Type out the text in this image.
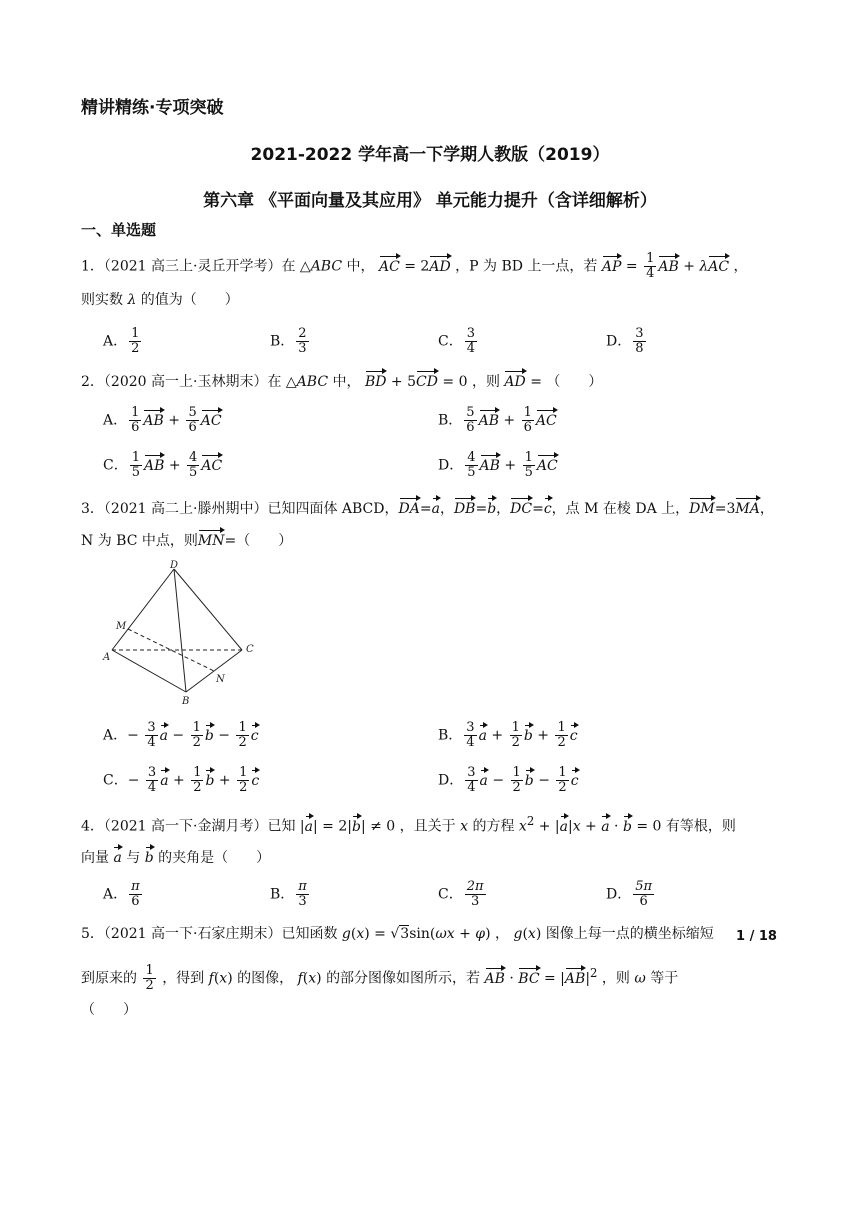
精讲精练·专项突破
2021-2022 学年高一下学期人教版（2019）
第六章 《平面向量及其应用》 单元能力提升（含详细解析）
一、单选题
1．（2021 高三上·灵丘开学考）在 △ABC 中， AC = 2AD ，P 为 BD 上一点，若 AP = $\frac{1}{4}$ AB + λAC ，
则实数 λ 的值为（　　）
A． $\frac{1}{2}$	B． $\frac{2}{3}$	C． $\frac{3}{4}$	D． $\frac{3}{8}$
2．（2020 高一上·玉林期末）在 △ABC 中， BD + 5CD = 0 ，则 AD = （　　）
A． $\frac{1}{6}$ AB + $\frac{5}{6}$ AC	B． $\frac{5}{6}$ AB + $\frac{1}{6}$ AC
C． $\frac{1}{5}$ AB + $\frac{4}{5}$ AC	D． $\frac{4}{5}$ AB + $\frac{1}{5}$ AC
3．（2021 高二上·滕州期中）已知四面体 ABCD，DA=a，DB=b，DC=c，点 M 在棱 DA 上，DM=3MA，
N 为 BC 中点，则MN=（　　）
D
M
A
C
N
B
A．− $\frac{3}{4}$ $a - \frac{1}{2}$ $b - \frac{1}{2}$ c	B． $\frac{3}{4}$ $a + \frac{1}{2}$ $b + \frac{1}{2}$ c
C．− $\frac{3}{4}$ $a + \frac{1}{2}$ $b + \frac{1}{2}$ c	D． $\frac{3}{4}$ $a - \frac{1}{2}$ $b - \frac{1}{2}$ c
4．（2021 高一下·金湖月考）已知 |a| = 2|b| ≠ 0 ，且关于 x 的方程 $x^2 + |a|x + a \cdot b = 0$ 有等根，则
向量 a 与 b 的夹角是（　　）
A． $\frac{\pi}{6}$	B． $\frac{\pi}{3}$	C． $\frac{2\pi}{3}$	D． $\frac{5\pi}{6}$
5．（2021 高一下·石家庄期末）已知函数 g(x) = √3sin(ωx + φ) ， g(x) 图像上每一点的横坐标缩短
到原来的 $\frac{1}{2}$ ，得到 f(x) 的图像， f(x) 的部分图像如图所示，若 AB · BC = $|AB|^2$ ，则 ω 等于
（　　）
1 / 18
